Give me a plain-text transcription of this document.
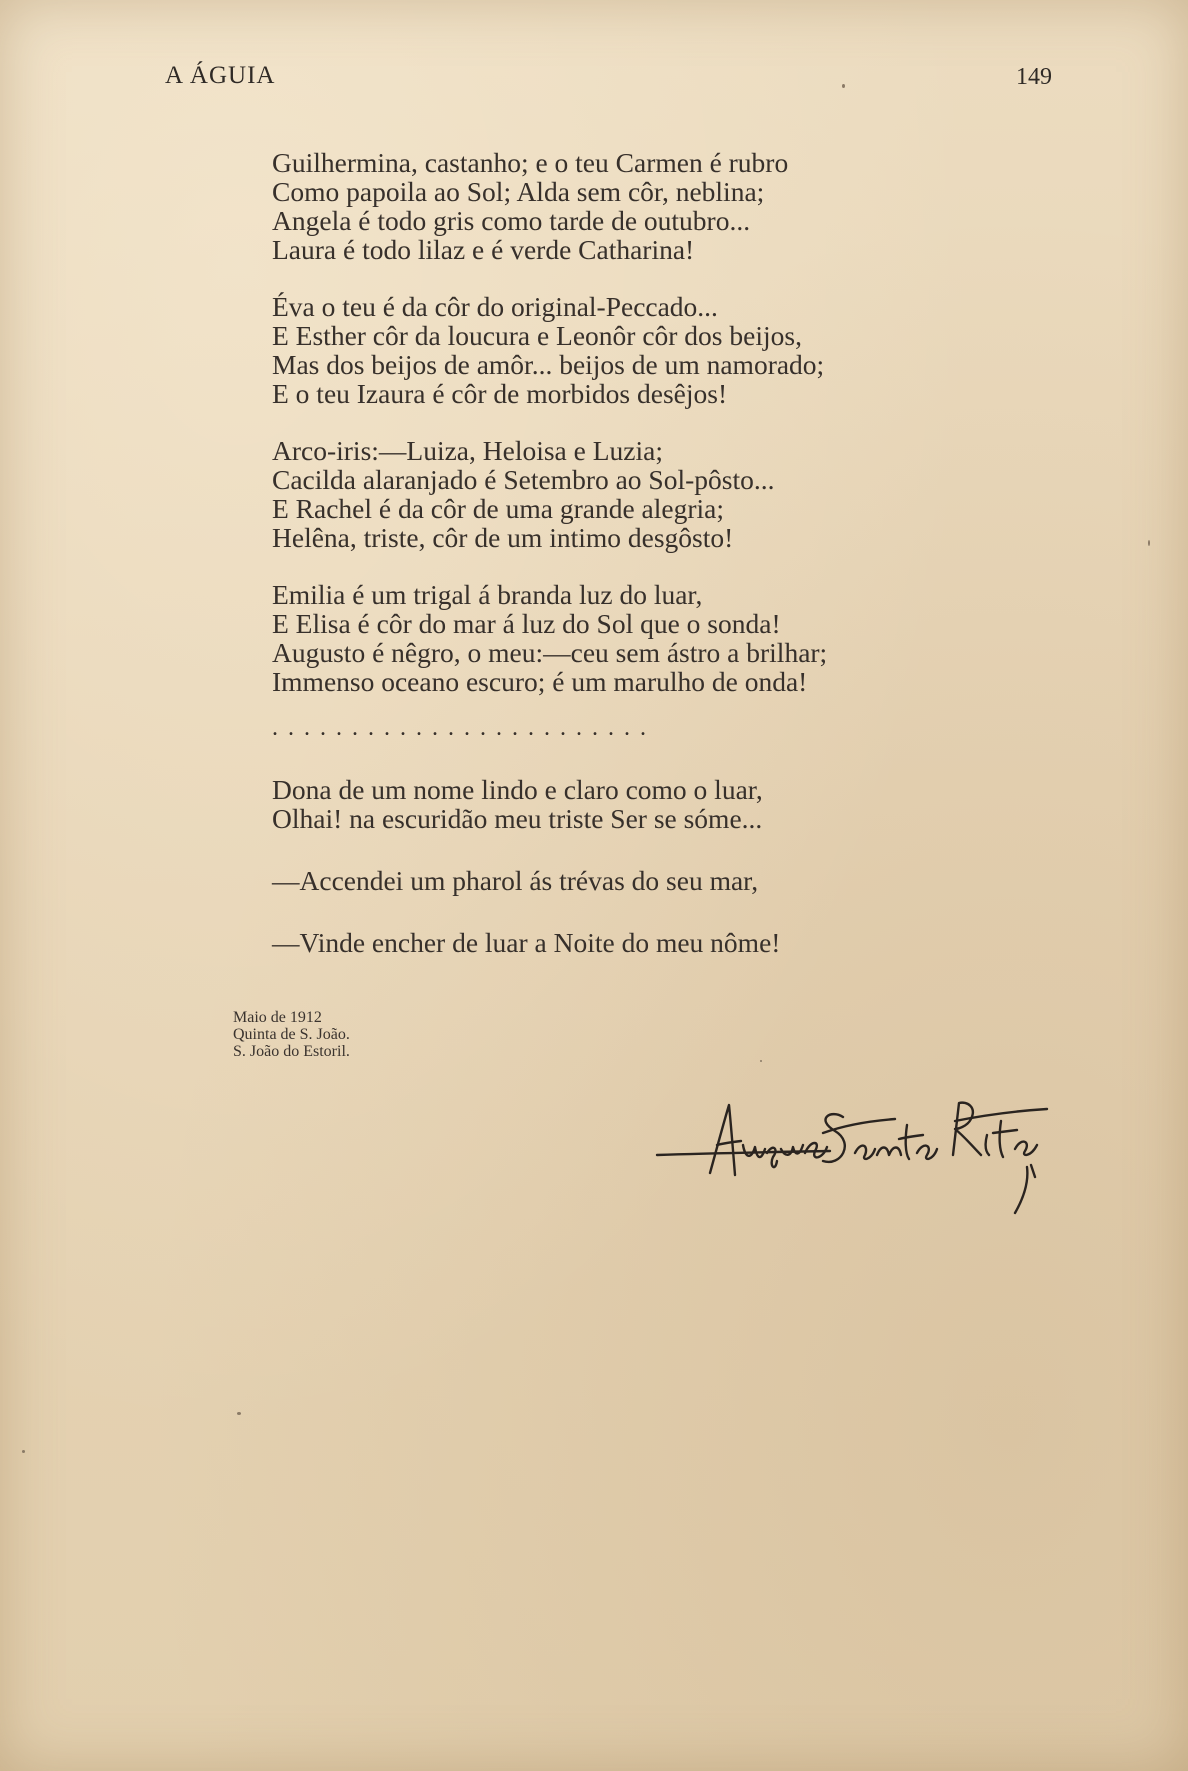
A ÁGUIA	149
Guilhermina, castanho; e o teu Carmen é rubro
Como papoila ao Sol; Alda sem côr, neblina;
Angela é todo gris como tarde de outubro...
Laura é todo lilaz e é verde Catharina!
Éva o teu é da côr do original-Peccado...
E Esther côr da loucura e Leonôr côr dos beijos,
Mas dos beijos de amôr... beijos de um namorado;
E o teu Izaura é côr de morbidos desêjos!
Arco-iris:—Luiza, Heloisa e Luzia;
Cacilda alaranjado é Setembro ao Sol-pôsto...
E Rachel é da côr de uma grande alegria;
Helêna, triste, côr de um intimo desgôsto!
Emilia é um trigal á branda luz do luar,
E Elisa é côr do mar á luz do Sol que o sonda!
Augusto é nêgro, o meu:—ceu sem ástro a brilhar;
Immenso oceano escuro; é um marulho de onda!
. . . . . . . . . . . . . . . . . . . . . . . .
Dona de um nome lindo e claro como o luar,
Olhai! na escuridão meu triste Ser se sóme...
—Accendei um pharol ás trévas do seu mar,
—Vinde encher de luar a Noite do meu nôme!
Maio de 1912
Quinta de S. João.
S. João do Estoril.
